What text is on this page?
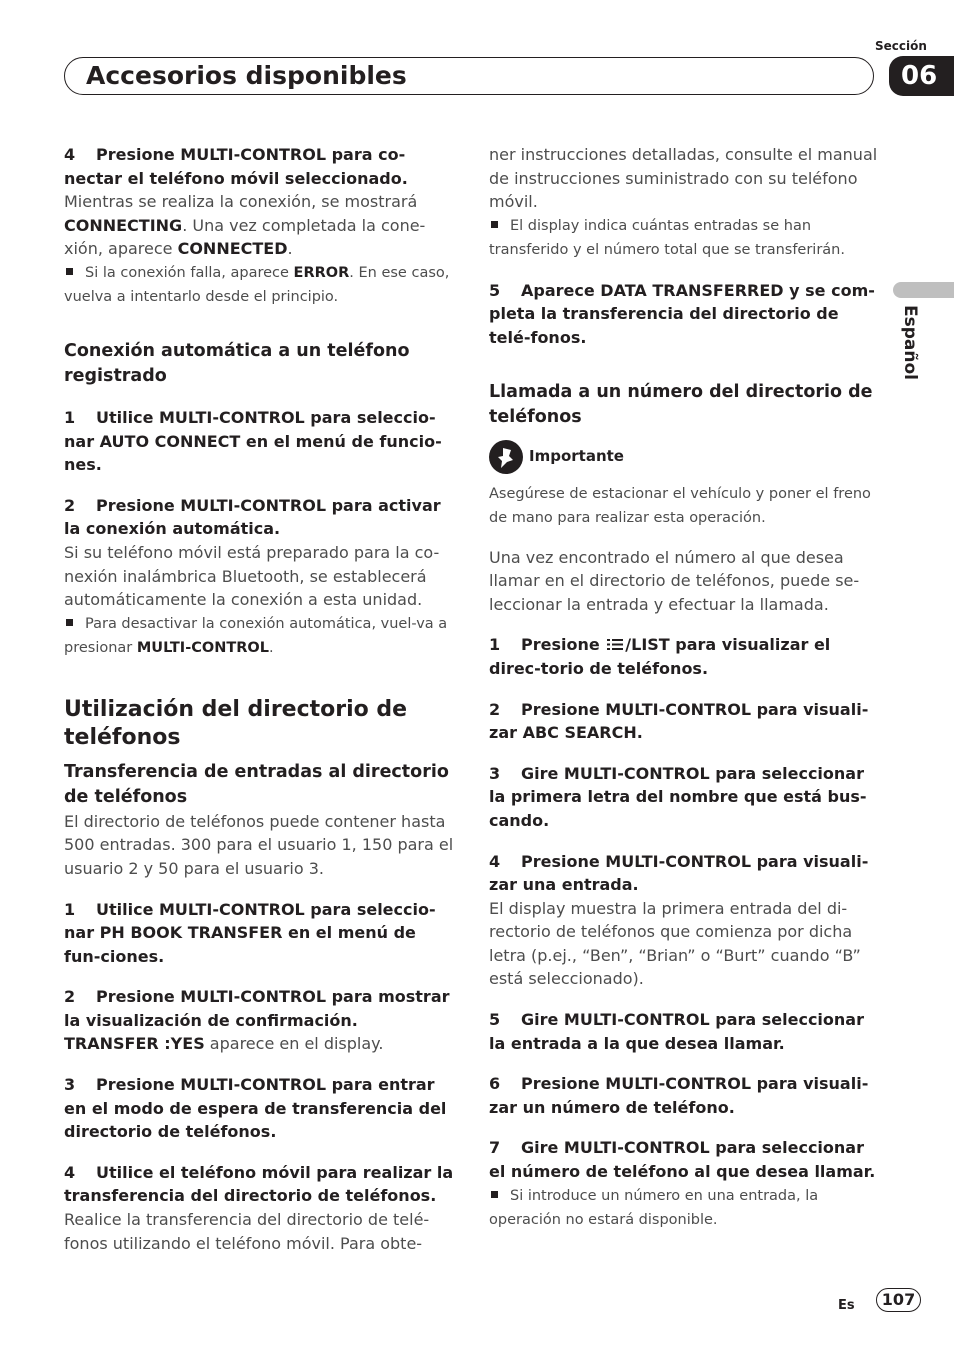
Sección
06
Accesorios disponibles
Español

4 Presione MULTI-CONTROL para co-nectar el teléfono móvil seleccionado.

Mientras se realiza la conexión, se mostrará CONNECTING. Una vez completada la cone-xión, aparece CONNECTED.

Si la conexión falla, aparece ERROR. En ese caso, vuelva a intentarlo desde el principio.

Conexión automática a un teléfono registrado

1 Utilice MULTI-CONTROL para seleccio-nar AUTO CONNECT en el menú de funcio-nes.

2 Presione MULTI-CONTROL para activar la conexión automática.

Si su teléfono móvil está preparado para la co-nexión inalámbrica Bluetooth, se establecerá automáticamente la conexión a esta unidad.

Para desactivar la conexión automática, vuel-va a presionar MULTI-CONTROL.

Utilización del directorio de teléfonos

Transferencia de entradas al directorio de teléfonos

El directorio de teléfonos puede contener hasta 500 entradas. 300 para el usuario 1, 150 para el usuario 2 y 50 para el usuario 3.

1 Utilice MULTI-CONTROL para seleccio-nar PH BOOK TRANSFER en el menú de fun-ciones.

2 Presione MULTI-CONTROL para mostrar la visualización de confirmación.

TRANSFER :YES aparece en el display.

3 Presione MULTI-CONTROL para entrar en el modo de espera de transferencia del directorio de teléfonos.

4 Utilice el teléfono móvil para realizar la transferencia del directorio de teléfonos.

Realice la transferencia del directorio de telé-fonos utilizando el teléfono móvil. Para obte-

ner instrucciones detalladas, consulte el manual de instrucciones suministrado con su teléfono móvil.

El display indica cuántas entradas se han transferido y el número total que se transferirán.

5 Aparece DATA TRANSFERRED y se com-pleta la transferencia del directorio de telé-fonos.

Llamada a un número del directorio de teléfonos

Importante

Asegúrese de estacionar el vehículo y poner el freno de mano para realizar esta operación.

Una vez encontrado el número al que desea llamar en el directorio de teléfonos, puede se-leccionar la entrada y efectuar la llamada.

1 Presione /LIST para visualizar el direc-torio de teléfonos.

2 Presione MULTI-CONTROL para visuali-zar ABC SEARCH.

3 Gire MULTI-CONTROL para seleccionar la primera letra del nombre que está bus-cando.

4 Presione MULTI-CONTROL para visuali-zar una entrada.

El display muestra la primera entrada del di-rectorio de teléfonos que comienza por dicha letra (p.ej., “Ben”, “Brian” o “Burt” cuando “B” está seleccionado).

5 Gire MULTI-CONTROL para seleccionar la entrada a la que desea llamar.

6 Presione MULTI-CONTROL para visuali-zar un número de teléfono.

7 Gire MULTI-CONTROL para seleccionar el número de teléfono al que desea llamar.

Si introduce un número en una entrada, la operación no estará disponible.

Es	107
